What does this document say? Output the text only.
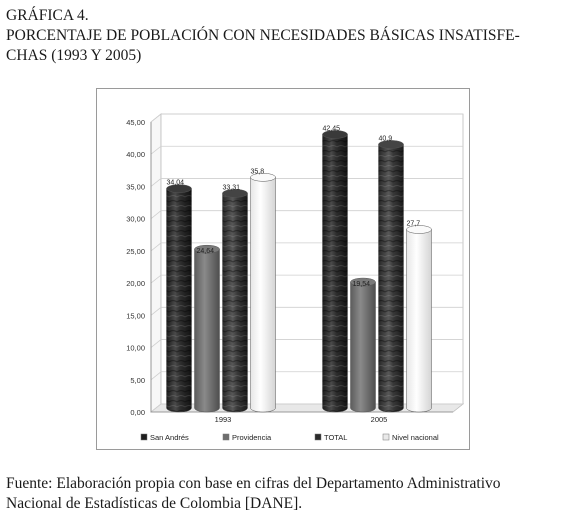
GRÁFICA 4.
PORCENTAJE DE POBLACIÓN CON NECESIDADES BÁSICAS INSATISFE-
CHAS (1993 Y 2005)
0,00
5,00
10,00
15,00
20,00
25,00
30,00
35,00
40,00
45,00
1993	2005
34,04
24,64
33,31
35,8
42,45
19,54
40,9
27,7
San Andrés	Providencia	TOTAL	Nivel nacional
Fuente: Elaboración propia con base en cifras del Departamento Administrativo
Nacional de Estadísticas de Colombia [DANE].
